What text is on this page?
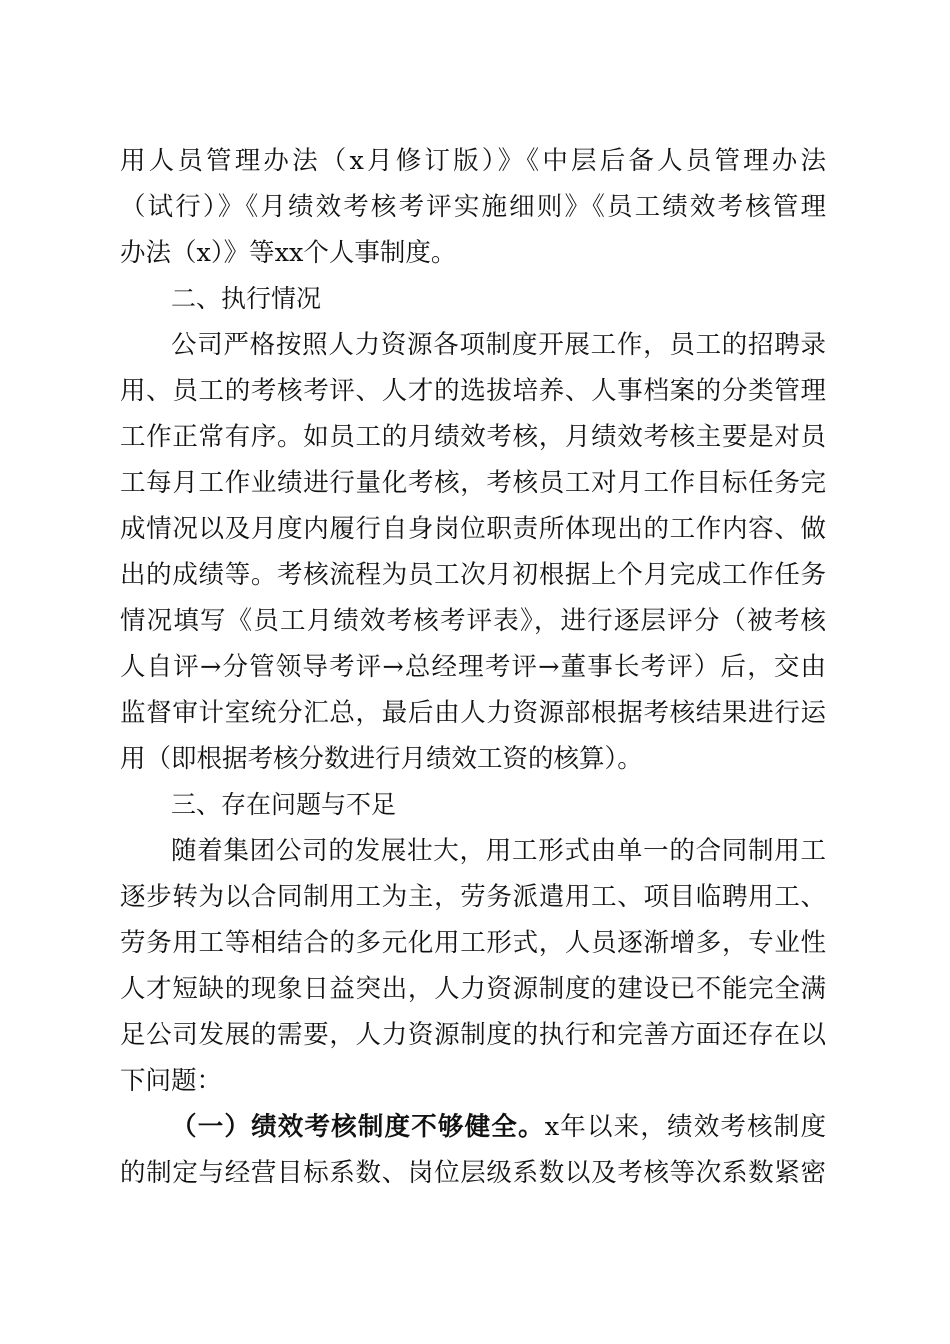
用人员管理办法（x月修订版）》《中层后备人员管理办法
（试行）》《月绩效考核考评实施细则》《员工绩效考核管理
办法（x）》等xx个人事制度。
二、执行情况
公司严格按照人力资源各项制度开展工作，员工的招聘录
用、员工的考核考评、人才的选拔培养、人事档案的分类管理
工作正常有序。如员工的月绩效考核，月绩效考核主要是对员
工每月工作业绩进行量化考核，考核员工对月工作目标任务完
成情况以及月度内履行自身岗位职责所体现出的工作内容、做
出的成绩等。考核流程为员工次月初根据上个月完成工作任务
情况填写《员工月绩效考核考评表》，进行逐层评分（被考核
人自评→分管领导考评→总经理考评→董事长考评）后，交由
监督审计室统分汇总，最后由人力资源部根据考核结果进行运
用（即根据考核分数进行月绩效工资的核算）。
三、存在问题与不足
随着集团公司的发展壮大，用工形式由单一的合同制用工
逐步转为以合同制用工为主，劳务派遣用工、项目临聘用工、
劳务用工等相结合的多元化用工形式，人员逐渐增多，专业性
人才短缺的现象日益突出，人力资源制度的建设已不能完全满
足公司发展的需要，人力资源制度的执行和完善方面还存在以
下问题：
（一）绩效考核制度不够健全。x年以来，绩效考核制度
的制定与经营目标系数、岗位层级系数以及考核等次系数紧密
